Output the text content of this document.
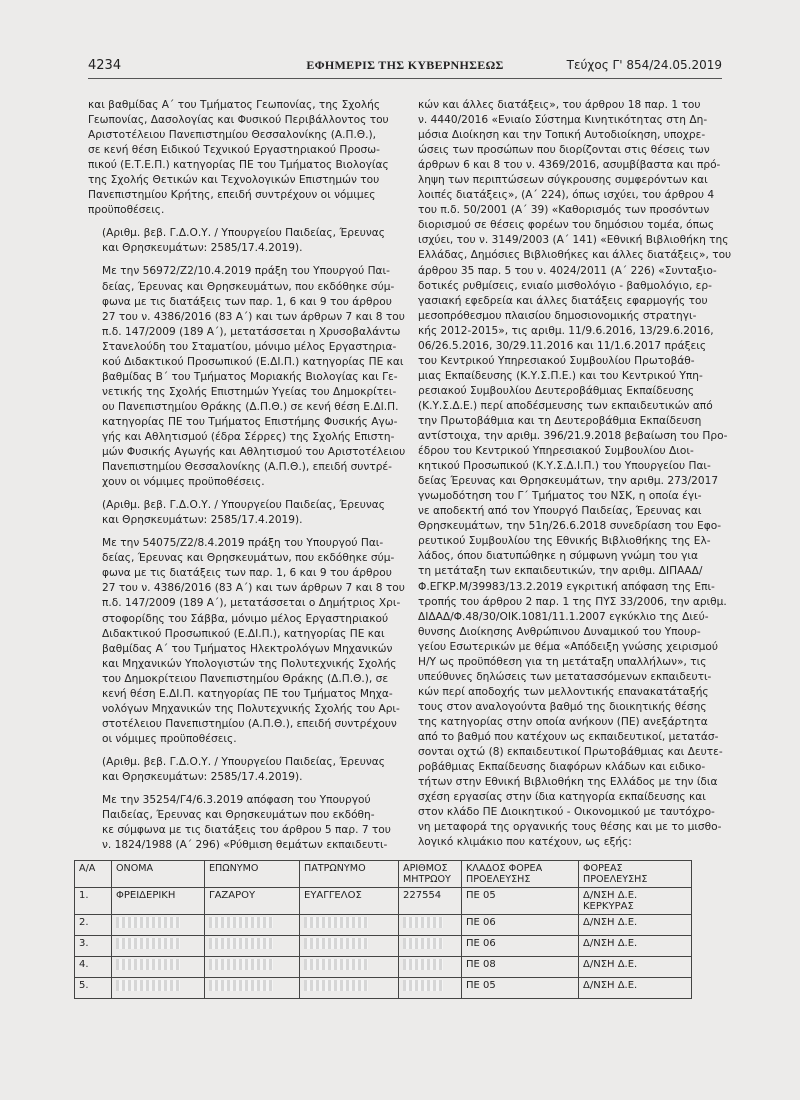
4234	ΕΦΗΜΕΡΙΣ ΤΗΣ ΚΥΒΕΡΝΗΣΕΩΣ	Τεύχος Γ' 854/24.05.2019

και βαθμίδας Α΄ του Τμήματος Γεωπονίας, της Σχολής
Γεωπονίας, Δασολογίας και Φυσικού Περιβάλλοντος του
Αριστοτέλειου Πανεπιστημίου Θεσσαλονίκης (Α.Π.Θ.),
σε κενή θέση Ειδικού Τεχνικού Εργαστηριακού Προσω-
πικού (Ε.Τ.Ε.Π.) κατηγορίας ΠΕ του Τμήματος Βιολογίας
της Σχολής Θετικών και Τεχνολογικών Επιστημών του
Πανεπιστημίου Κρήτης, επειδή συντρέχουν οι νόμιμες
προϋποθέσεις.

(Αριθμ. βεβ. Γ.Δ.Ο.Υ. / Υπουργείου Παιδείας, Έρευνας
και Θρησκευμάτων: 2585/17.4.2019).

Με την 56972/Ζ2/10.4.2019 πράξη του Υπουργού Παι-
δείας, Έρευνας και Θρησκευμάτων, που εκδόθηκε σύμ-
φωνα με τις διατάξεις των παρ. 1, 6 και 9 του άρθρου
27 του ν. 4386/2016 (83 Α΄) και των άρθρων 7 και 8 του
π.δ. 147/2009 (189 Α΄), μετατάσσεται η Χρυσοβαλάντω
Στανελούδη του Σταματίου, μόνιμο μέλος Εργαστηρια-
κού Διδακτικού Προσωπικού (Ε.ΔΙ.Π.) κατηγορίας ΠΕ και
βαθμίδας Β΄ του Τμήματος Μοριακής Βιολογίας και Γε-
νετικής της Σχολής Επιστημών Υγείας του Δημοκρίτει-
ου Πανεπιστημίου Θράκης (Δ.Π.Θ.) σε κενή θέση Ε.ΔΙ.Π.
κατηγορίας ΠΕ του Τμήματος Επιστήμης Φυσικής Αγω-
γής και Αθλητισμού (έδρα Σέρρες) της Σχολής Επιστη-
μών Φυσικής Αγωγής και Αθλητισμού του Αριστοτέλειου
Πανεπιστημίου Θεσσαλονίκης (Α.Π.Θ.), επειδή συντρέ-
χουν οι νόμιμες προϋποθέσεις.

(Αριθμ. βεβ. Γ.Δ.Ο.Υ. / Υπουργείου Παιδείας, Έρευνας
και Θρησκευμάτων: 2585/17.4.2019).

Με την 54075/Ζ2/8.4.2019 πράξη του Υπουργού Παι-
δείας, Έρευνας και Θρησκευμάτων, που εκδόθηκε σύμ-
φωνα με τις διατάξεις των παρ. 1, 6 και 9 του άρθρου
27 του ν. 4386/2016 (83 Α΄) και των άρθρων 7 και 8 του
π.δ. 147/2009 (189 Α΄), μετατάσσεται ο Δημήτριος Χρι-
στοφορίδης του Σάββα, μόνιμο μέλος Εργαστηριακού
Διδακτικού Προσωπικού (Ε.ΔΙ.Π.), κατηγορίας ΠΕ και
βαθμίδας Α΄ του Τμήματος Ηλεκτρολόγων Μηχανικών
και Μηχανικών Υπολογιστών της Πολυτεχνικής Σχολής
του Δημοκρίτειου Πανεπιστημίου Θράκης (Δ.Π.Θ.), σε
κενή θέση Ε.ΔΙ.Π. κατηγορίας ΠΕ του Τμήματος Μηχα-
νολόγων Μηχανικών της Πολυτεχνικής Σχολής του Αρι-
στοτέλειου Πανεπιστημίου (Α.Π.Θ.), επειδή συντρέχουν
οι νόμιμες προϋποθέσεις.

(Αριθμ. βεβ. Γ.Δ.Ο.Υ. / Υπουργείου Παιδείας, Έρευνας
και Θρησκευμάτων: 2585/17.4.2019).

Με την 35254/Γ4/6.3.2019 απόφαση του Υπουργού
Παιδείας, Έρευνας και Θρησκευμάτων που εκδόθη-
κε σύμφωνα με τις διατάξεις του άρθρου 5 παρ. 7 του
ν. 1824/1988 (Α΄ 296) «Ρύθμιση θεμάτων εκπαιδευτι-

κών και άλλες διατάξεις», του άρθρου 18 παρ. 1 του
ν. 4440/2016 «Ενιαίο Σύστημα Κινητικότητας στη Δη-
μόσια Διοίκηση και την Τοπική Αυτοδιοίκηση, υποχρε-
ώσεις των προσώπων που διορίζονται στις θέσεις των
άρθρων 6 και 8 του ν. 4369/2016, ασυμβίβαστα και πρό-
ληψη των περιπτώσεων σύγκρουσης συμφερόντων και
λοιπές διατάξεις», (Α΄ 224), όπως ισχύει, του άρθρου 4
του π.δ. 50/2001 (Α΄ 39) «Καθορισμός των προσόντων
διορισμού σε θέσεις φορέων του δημόσιου τομέα, όπως
ισχύει, του ν. 3149/2003 (Α΄ 141) «Εθνική Βιβλιοθήκη της
Ελλάδας, Δημόσιες Βιβλιοθήκες και άλλες διατάξεις», του
άρθρου 35 παρ. 5 του ν. 4024/2011 (Α΄ 226) «Συνταξιο-
δοτικές ρυθμίσεις, ενιαίο μισθολόγιο - βαθμολόγιο, ερ-
γασιακή εφεδρεία και άλλες διατάξεις εφαρμογής του
μεσοπρόθεσμου πλαισίου δημοσιονομικής στρατηγι-
κής 2012-2015», τις αριθμ. 11/9.6.2016, 13/29.6.2016,
06/26.5.2016, 30/29.11.2016 και 11/1.6.2017 πράξεις
του Κεντρικού Υπηρεσιακού Συμβουλίου Πρωτοβάθ-
μιας Εκπαίδευσης (Κ.Υ.Σ.Π.Ε.) και του Κεντρικού Υπη-
ρεσιακού Συμβουλίου Δευτεροβάθμιας Εκπαίδευσης
(Κ.Υ.Σ.Δ.Ε.) περί αποδέσμευσης των εκπαιδευτικών από
την Πρωτοβάθμια και τη Δευτεροβάθμια Εκπαίδευση
αντίστοιχα, την αριθμ. 396/21.9.2018 βεβαίωση του Προ-
έδρου του Κεντρικού Υπηρεσιακού Συμβουλίου Διοι-
κητικού Προσωπικού (Κ.Υ.Σ.Δ.Ι.Π.) του Υπουργείου Παι-
δείας Έρευνας και Θρησκευμάτων, την αριθμ. 273/2017
γνωμοδότηση του Γ΄ Τμήματος του ΝΣΚ, η οποία έγι-
νε αποδεκτή από τον Υπουργό Παιδείας, Έρευνας και
Θρησκευμάτων, την 51η/26.6.2018 συνεδρίαση του Εφο-
ρευτικού Συμβουλίου της Εθνικής Βιβλιοθήκης της Ελ-
λάδος, όπου διατυπώθηκε η σύμφωνη γνώμη του για
τη μετάταξη των εκπαιδευτικών, την αριθμ. ΔΙΠΑΑΔ/
Φ.ΕΓΚΡ.Μ/39983/13.2.2019 εγκριτική απόφαση της Επι-
τροπής του άρθρου 2 παρ. 1 της ΠΥΣ 33/2006, την αριθμ.
ΔΙΔΑΔ/Φ.48/30/ΟΙΚ.1081/11.1.2007 εγκύκλιο της Διεύ-
θυνσης Διοίκησης Ανθρώπινου Δυναμικού του Υπουρ-
γείου Εσωτερικών με θέμα «Απόδειξη γνώσης χειρισμού
Η/Υ ως προϋπόθεση για τη μετάταξη υπαλλήλων», τις
υπεύθυνες δηλώσεις των μετατασσόμενων εκπαιδευτι-
κών περί αποδοχής των μελλοντικής επανακατάταξής
τους στον αναλογούντα βαθμό της διοικητικής θέσης
της κατηγορίας στην οποία ανήκουν (ΠΕ) ανεξάρτητα
από το βαθμό που κατέχουν ως εκπαιδευτικοί, μετατάσ-
σονται οχτώ (8) εκπαιδευτικοί Πρωτοβάθμιας και Δευτε-
ροβάθμιας Εκπαίδευσης διαφόρων κλάδων και ειδικο-
τήτων στην Εθνική Βιβλιοθήκη της Ελλάδος με την ίδια
σχέση εργασίας στην ίδια κατηγορία εκπαίδευσης και
στον κλάδο ΠΕ Διοικητικού - Οικονομικού με ταυτόχρο-
νη μεταφορά της οργανικής τους θέσης και με το μισθο-
λογικό κλιμάκιο που κατέχουν, ως εξής:

Α/Α	ΟΝΟΜΑ	ΕΠΩΝΥΜΟ	ΠΑΤΡΩΝΥΜΟ	ΑΡΙΘΜΟΣ ΜΗΤΡΩΟΥ	ΚΛΑΔΟΣ ΦΟΡΕΑ ΠΡΟΕΛΕΥΣΗΣ	ΦΟΡΕΑΣ ΠΡΟΕΛΕΥΣΗΣ
1.	ΦΡΕΙΔΕΡΙΚΗ	ΓΑΖΑΡΟΥ	ΕΥΑΓΓΕΛΟΣ	227554	ΠΕ 05	Δ/ΝΣΗ Δ.Ε. ΚΕΡΚΥΡΑΣ
2.					ΠΕ 06	Δ/ΝΣΗ Δ.Ε.
3.					ΠΕ 06	Δ/ΝΣΗ Δ.Ε.
4.					ΠΕ 08	Δ/ΝΣΗ Δ.Ε.
5.					ΠΕ 05	Δ/ΝΣΗ Δ.Ε.
